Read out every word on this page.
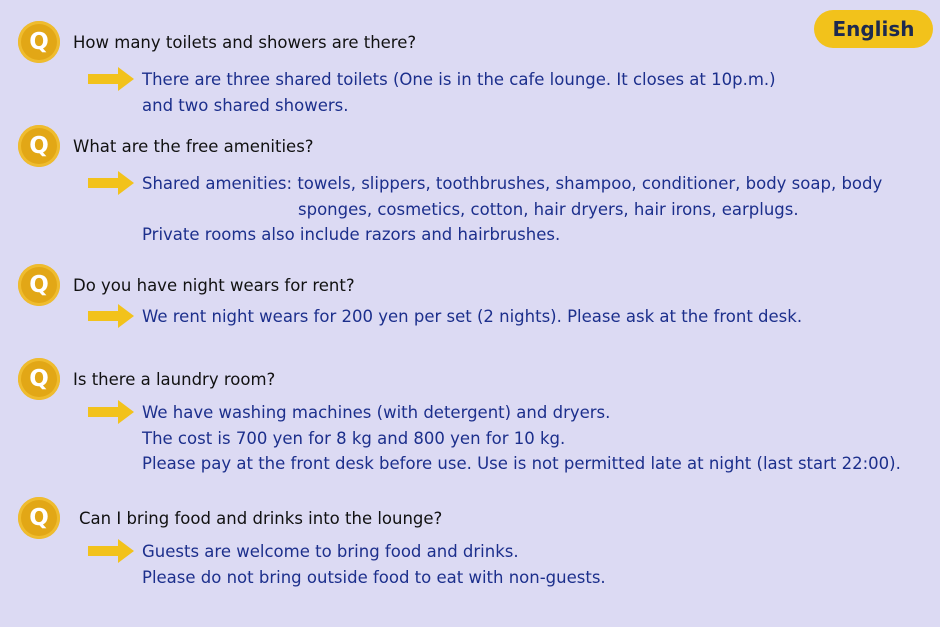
English
Q How many toilets and showers are there?
There are three shared toilets (One is in the cafe lounge. It closes at 10p.m.)
and two shared showers.
Q What are the free amenities?
Shared amenities: towels, slippers, toothbrushes, shampoo, conditioner, body soap, body
sponges, cosmetics, cotton, hair dryers, hair irons, earplugs.
Private rooms also include razors and hairbrushes.
Q Do you have night wears for rent?
We rent night wears for 200 yen per set (2 nights). Please ask at the front desk.
Q Is there a laundry room?
We have washing machines (with detergent) and dryers.
The cost is 700 yen for 8 kg and 800 yen for 10 kg.
Please pay at the front desk before use. Use is not permitted late at night (last start 22:00).
Q Can I bring food and drinks into the lounge?
Guests are welcome to bring food and drinks.
Please do not bring outside food to eat with non-guests.
